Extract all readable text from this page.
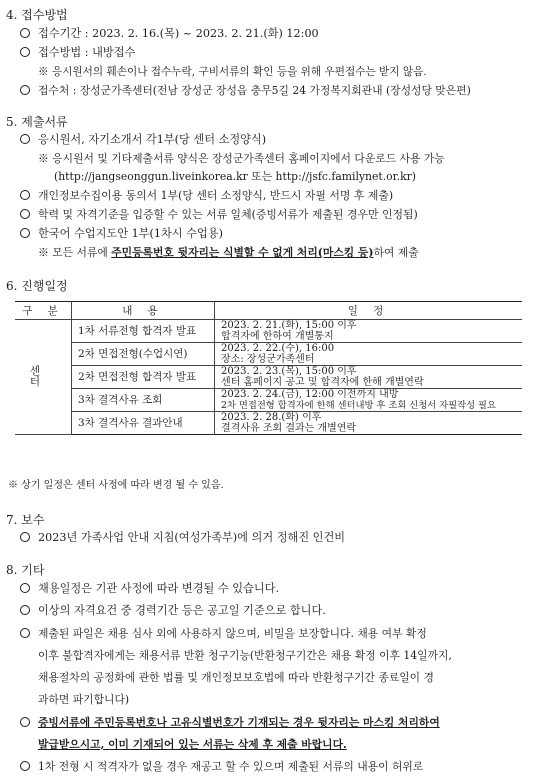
4. 접수방법
접수기간 : 2023. 2. 16.(목) ~ 2023. 2. 21.(화) 12:00
접수방법 : 내방접수
※ 응시원서의 훼손이나 접수누락, 구비서류의 확인 등을 위해 우편접수는 받지 않음.
접수처 : 장성군가족센터(전남 장성군 장성읍 충무5길 24 가정복지회관내 (장성성당 맞은편)
5. 제출서류
응시원서, 자기소개서 각1부(당 센터 소정양식)
※ 응시원서 및 기타제출서류 양식은 장성군가족센터 홈페이지에서 다운로드 사용 가능
(http://jangseonggun.liveinkorea.kr 또는 http://jsfc.familynet.or.kr)
개인정보수집이용 동의서 1부(당 센터 소정양식, 반드시 자필 서명 후 제출)
학력 및 자격기준을 입증할 수 있는 서류 일체(증빙서류가 제출된 경우만 인정됨)
한국어 수업지도안 1부(1차시 수업용)
※ 모든 서류에 주민등록번호 뒷자리는 식별할 수 없게 처리(마스킹 등)하여 제출
6. 진행일정
구 분	내 용	일 정
센 터	1차 서류전형 합격자 발표	2023. 2. 21.(화), 15:00 이후
합격자에 한하여 개별통지

	2차 면접전형(수업시연)	2023. 2. 22.(수), 16:00
장소: 장성군가족센터

	2차 면접전형 합격자 발표	2023. 2. 23.(목), 15:00 이후
센터 홈페이지 공고 및 합격자에 한해 개별연락

	3차 결격사유 조회	2023. 2. 24.(금), 12:00 이전까지 내방
2차 면접전형 합격자에 한해 센터내방 후 조회 신청서 자필작성 필요

	3차 결격사유 결과안내	2023. 2. 28.(화) 이후
결격사유 조회 결과는 개별연락
※ 상기 일정은 센터 사정에 따라 변경 될 수 있음.
7. 보수
2023년 가족사업 안내 지침(여성가족부)에 의거 정해진 인건비
8. 기타
채용일정은 기관 사정에 따라 변경될 수 있습니다.
이상의 자격요건 중 경력기간 등은 공고일 기준으로 합니다.
제출된 파일은 채용 심사 외에 사용하지 않으며, 비밀을 보장합니다. 채용 여부 확정
이후 불합격자에게는 채용서류 반환 청구기능(반환청구기간은 채용 확정 이후 14일까지,
채용절차의 공정화에 관한 법률 및 개인정보보호법에 따라 반환청구기간 종료일이 경
과하면 파기합니다)
증빙서류에 주민등록번호나 고유식별번호가 기재되는 경우 뒷자리는 마스킹 처리하여
발급받으시고, 이미 기재되어 있는 서류는 삭제 후 제출 바랍니다.
1차 전형 시 적격자가 없을 경우 재공고 할 수 있으며 제출된 서류의 내용이 허위로
